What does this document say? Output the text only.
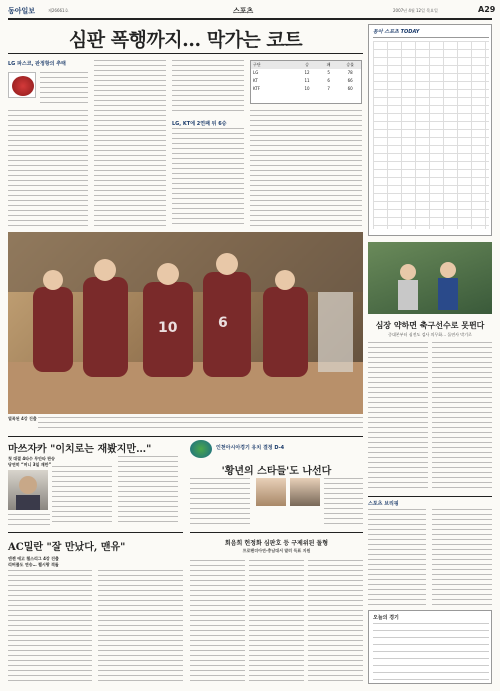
동아일보	제26661호	스포츠	2007년 4월 12일 목요일	A29
심판 폭행까지… 막가는 코트
LG 파스코, 판정항의 추태
LG, KT에 2연패 뒤 6승
구단	승	패	승률
LG	12	5	78
KT	11	6	66
KTF	10	7	60
10	6
열폭된 4강 진출
동아 스포츠 TODAY
심장 약하면 축구선수로 못뛴다
중대본부터 심전도 검사 의무화… 돌연사 막기로
마쓰자카 "이치로는 재봤지만…"
첫 대결 4타수 무안타 판승
당연히 “머니 3일 재만”
인천아시아경기 유치 결정 D-4
'황년의 스타들'도 나선다
AC밀란 "잘 만났다, 맨유"
엔젠 에고 챔스리그 4강 진출
리버풀도 연승… 첼시랑 격돌
회음희 헌정화 심판호 등 구제위된 돌형
프로팬더아연-충남대서 말러 득표 지원
스포츠 브리핑
오늘의 경기
